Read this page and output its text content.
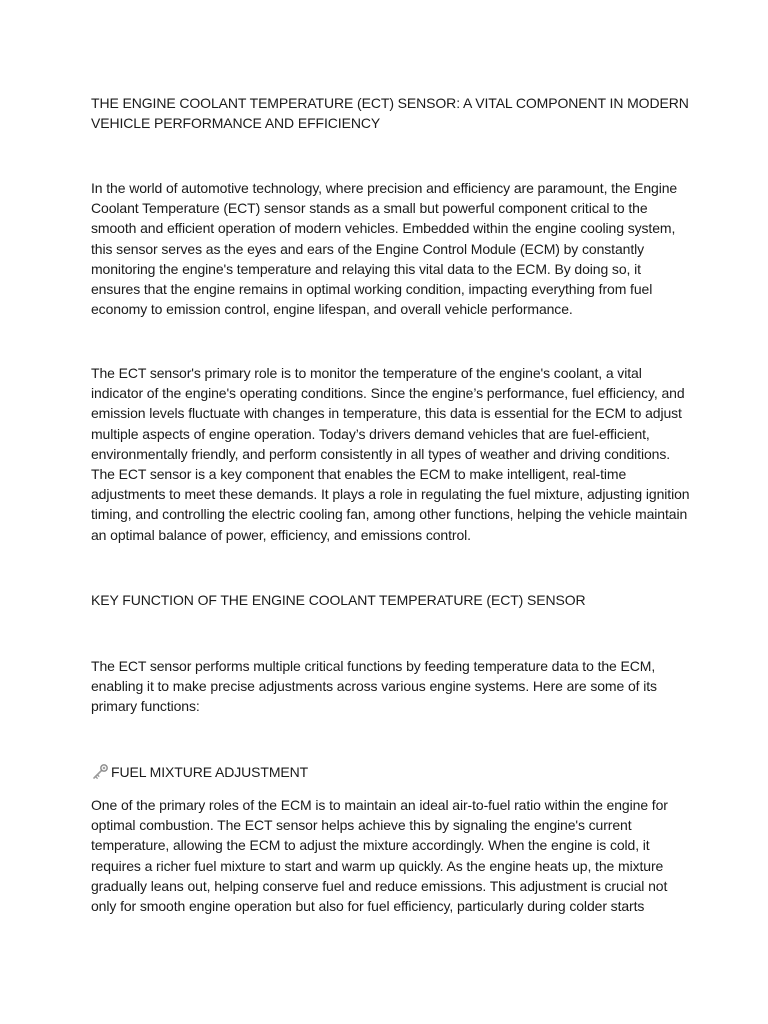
THE ENGINE COOLANT TEMPERATURE (ECT) SENSOR: A VITAL COMPONENT IN MODERN VEHICLE PERFORMANCE AND EFFICIENCY

In the world of automotive technology, where precision and efficiency are paramount, the Engine Coolant Temperature (ECT) sensor stands as a small but powerful component critical to the smooth and efficient operation of modern vehicles. Embedded within the engine cooling system, this sensor serves as the eyes and ears of the Engine Control Module (ECM) by constantly monitoring the engine's temperature and relaying this vital data to the ECM. By doing so, it ensures that the engine remains in optimal working condition, impacting everything from fuel economy to emission control, engine lifespan, and overall vehicle performance.

The ECT sensor's primary role is to monitor the temperature of the engine's coolant, a vital indicator of the engine's operating conditions. Since the engine’s performance, fuel efficiency, and emission levels fluctuate with changes in temperature, this data is essential for the ECM to adjust multiple aspects of engine operation. Today’s drivers demand vehicles that are fuel-efficient, environmentally friendly, and perform consistently in all types of weather and driving conditions. The ECT sensor is a key component that enables the ECM to make intelligent, real-time adjustments to meet these demands. It plays a role in regulating the fuel mixture, adjusting ignition timing, and controlling the electric cooling fan, among other functions, helping the vehicle maintain an optimal balance of power, efficiency, and emissions control.

KEY FUNCTION OF THE ENGINE COOLANT TEMPERATURE (ECT) SENSOR

The ECT sensor performs multiple critical functions by feeding temperature data to the ECM, enabling it to make precise adjustments across various engine systems. Here are some of its primary functions:

FUEL MIXTURE ADJUSTMENT

One of the primary roles of the ECM is to maintain an ideal air-to-fuel ratio within the engine for optimal combustion. The ECT sensor helps achieve this by signaling the engine's current temperature, allowing the ECM to adjust the mixture accordingly. When the engine is cold, it requires a richer fuel mixture to start and warm up quickly. As the engine heats up, the mixture gradually leans out, helping conserve fuel and reduce emissions. This adjustment is crucial not only for smooth engine operation but also for fuel efficiency, particularly during colder starts
